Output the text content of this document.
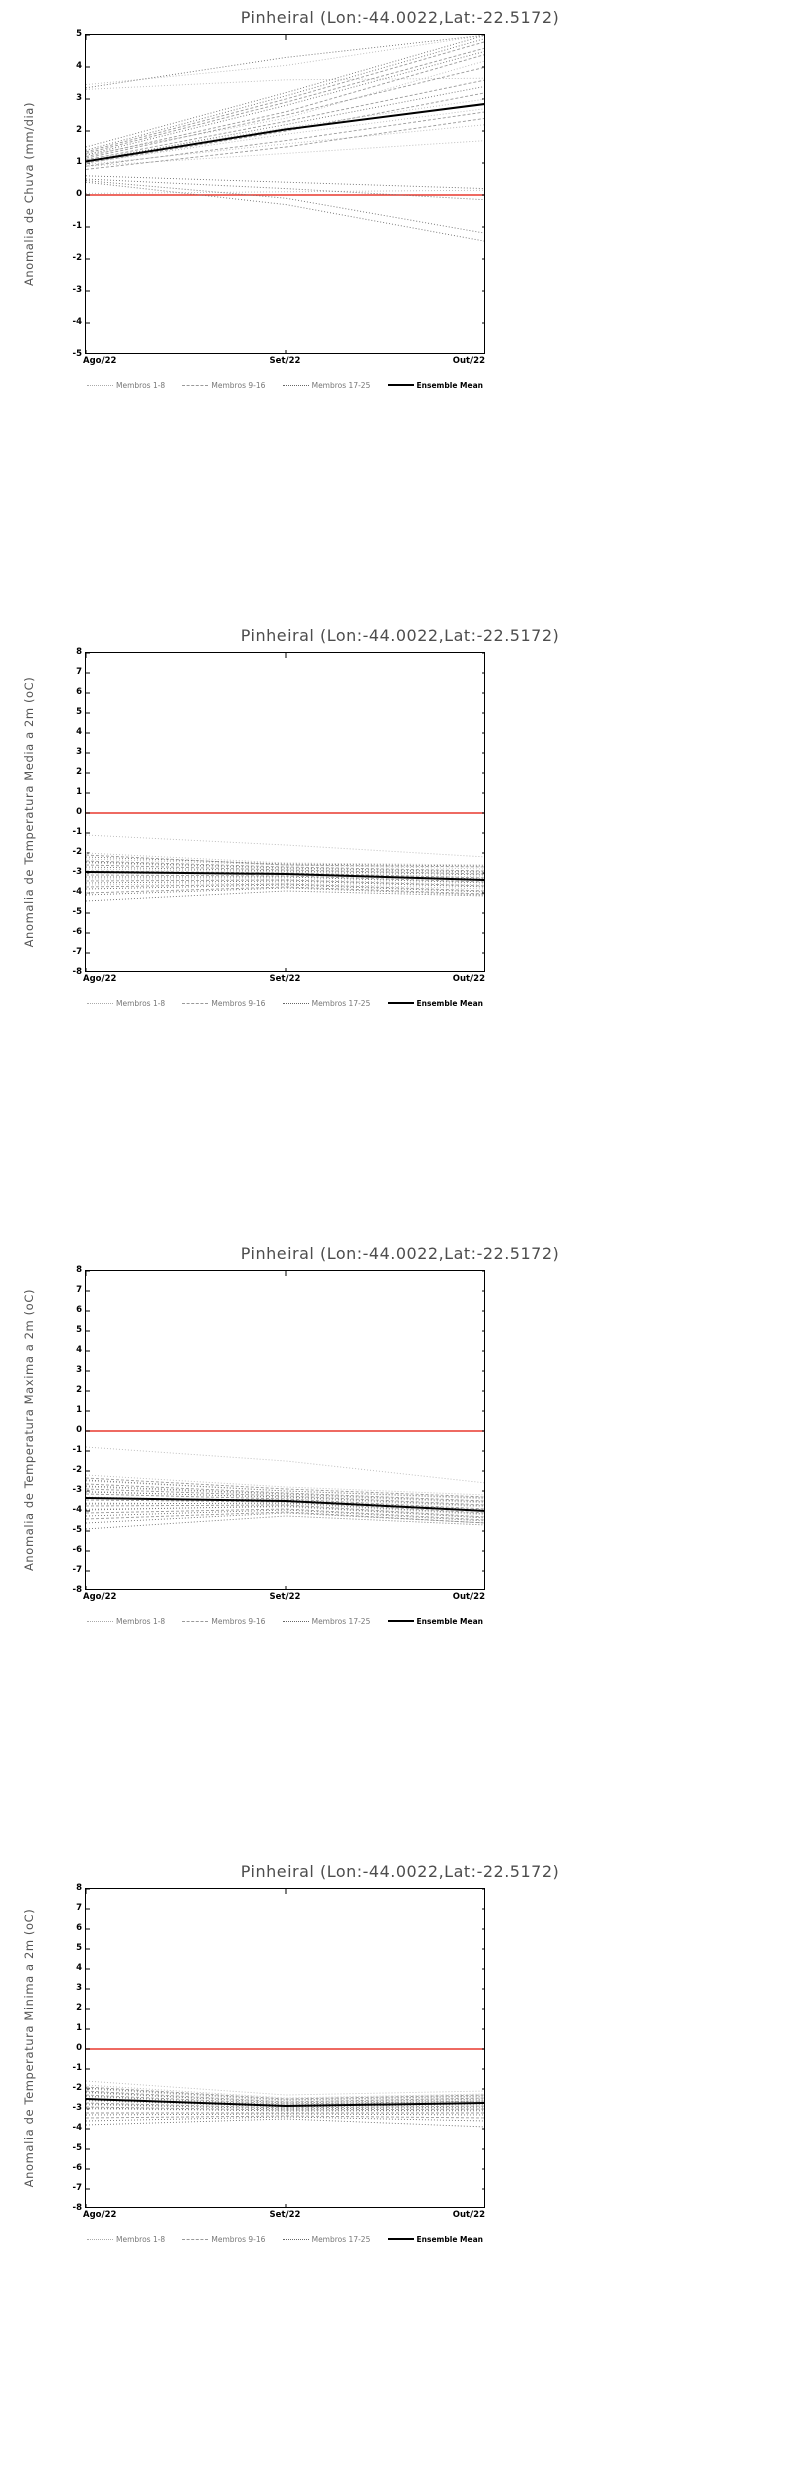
Pinheiral (Lon:-44.0022,Lat:-22.5172)
Anomalia de Chuva (mm/dia)
-5
-4
-3
-2
-1
0
1
2
3
4
5
Ago/22	Set/22	Out/22
Membros 1-8	Membros 9-16	Membros 17-25	Ensemble Mean
Pinheiral (Lon:-44.0022,Lat:-22.5172)
Anomalia de Temperatura Media a 2m (oC)
-8
-7
-6
-5
-4
-3
-2
-1
0
1
2
3
4
5
6
7
8
Ago/22	Set/22	Out/22
Membros 1-8	Membros 9-16	Membros 17-25	Ensemble Mean
Pinheiral (Lon:-44.0022,Lat:-22.5172)
Anomalia de Temperatura Maxima a 2m (oC)
-8
-7
-6
-5
-4
-3
-2
-1
0
1
2
3
4
5
6
7
8
Ago/22	Set/22	Out/22
Membros 1-8	Membros 9-16	Membros 17-25	Ensemble Mean
Pinheiral (Lon:-44.0022,Lat:-22.5172)
Anomalia de Temperatura Minima a 2m (oC)
-8
-7
-6
-5
-4
-3
-2
-1
0
1
2
3
4
5
6
7
8
Ago/22	Set/22	Out/22
Membros 1-8	Membros 9-16	Membros 17-25	Ensemble Mean
